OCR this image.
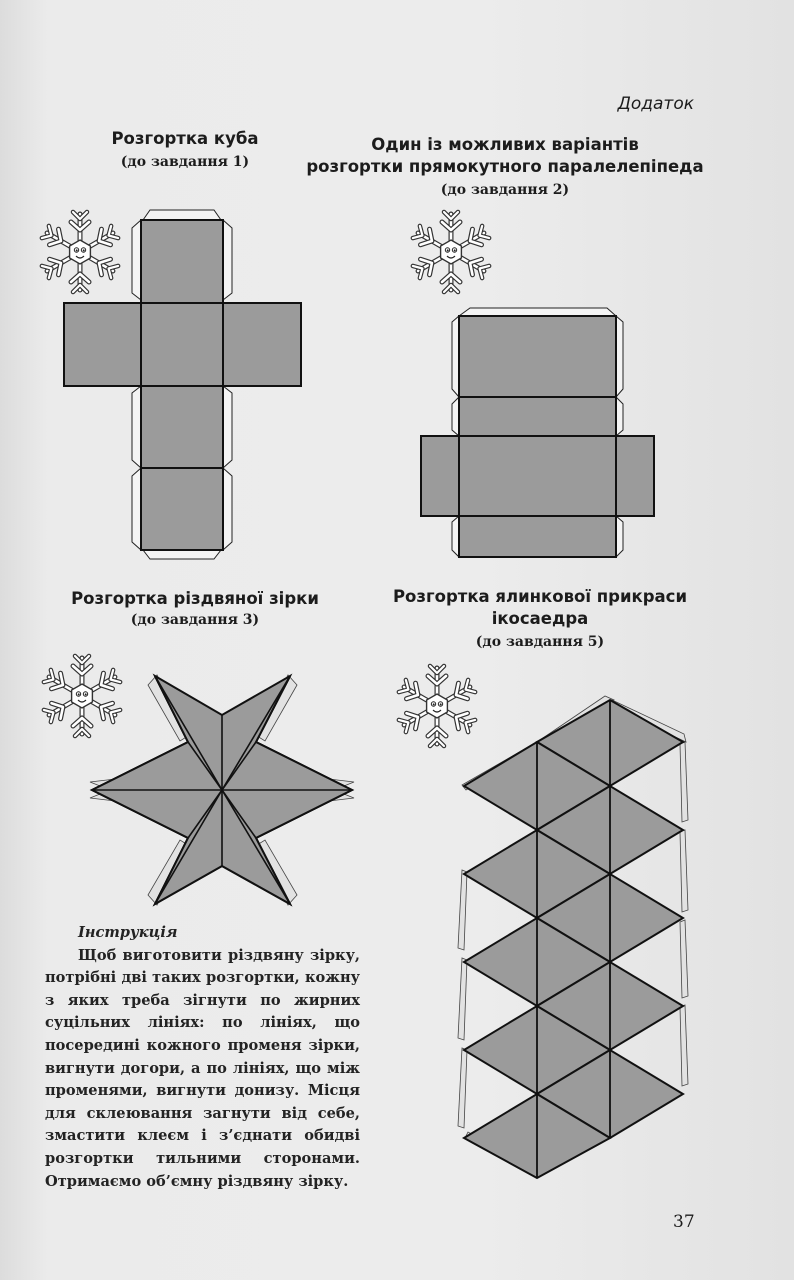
Додаток
Розгортка куба
(до завдання 1)
Один із можливих варіантів
розгортки прямокутного паралелепіпеда
(до завдання 2)
Розгортка різдвяної зірки
(до завдання 3)
Розгортка ялинкової прикраси
ікосаедра
(до завдання 5)
Інструкція
Щоб виготовити різдвяну зірку, потрібні дві таких розгортки, кожну з яких треба зігнути по жирних суцільних лініях: по лініях, що посередині кожного променя зірки, вигнути догори, а по лініях, що між променями, вигнути донизу. Місця для склеювання загнути від себе, змастити клеєм і з’єднати обидві розгортки тильними сторонами. Отримаємо об’ємну різдвяну зірку.
37
